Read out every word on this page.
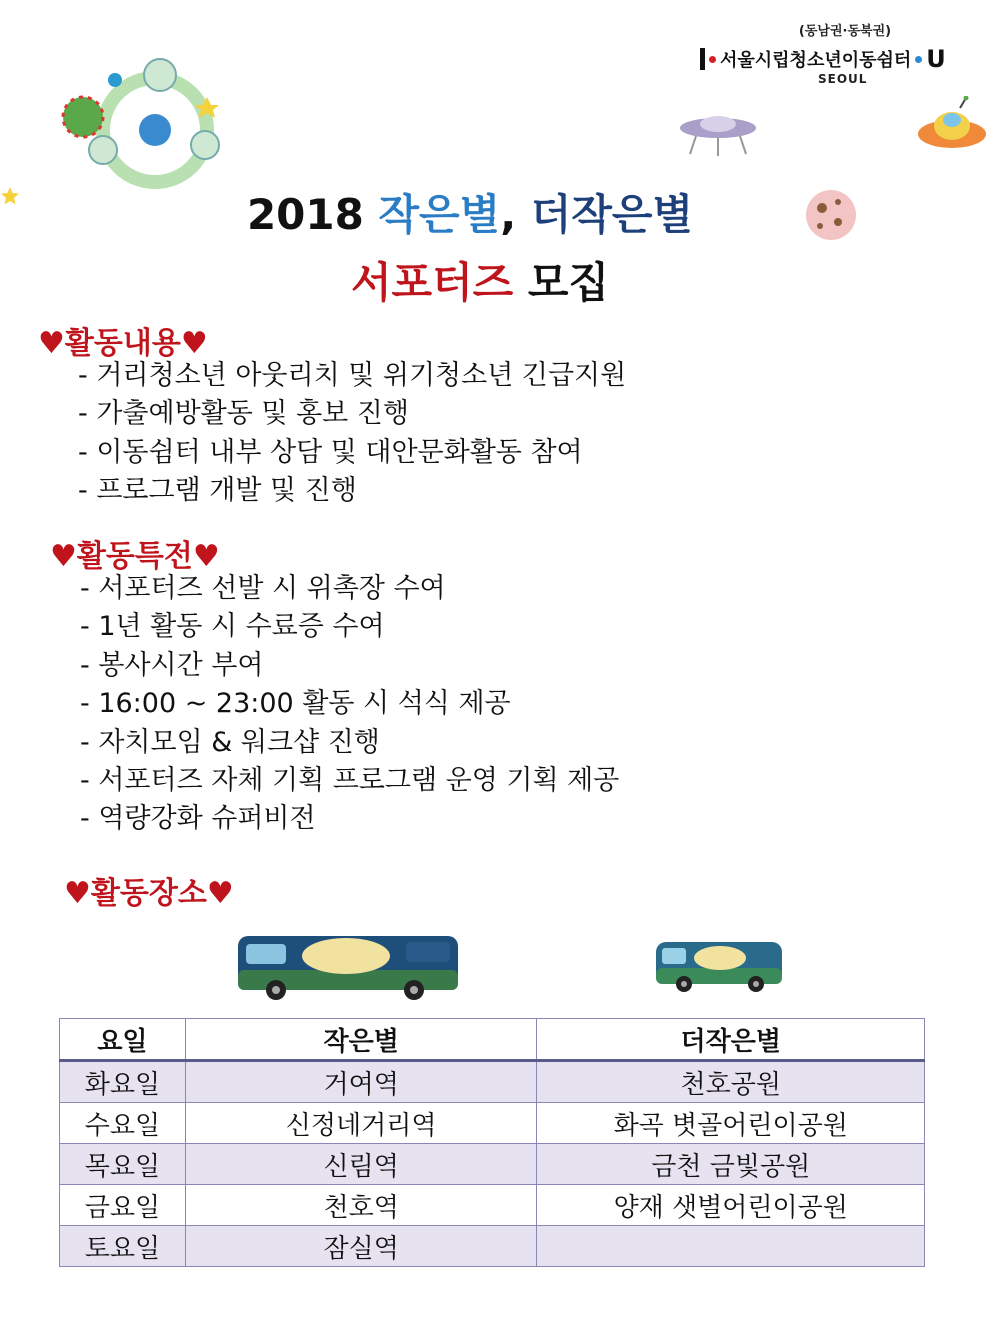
(동남권·동북권)
서울시립청소년이동쉼터 U
SEOUL
2018 작은별, 더작은별
서포터즈 모집
♥활동내용♥
- 거리청소년 아웃리치 및 위기청소년 긴급지원
- 가출예방활동 및 홍보 진행
- 이동쉼터 내부 상담 및 대안문화활동 참여
- 프로그램 개발 및 진행
♥활동특전♥
- 서포터즈 선발 시 위촉장 수여
- 1년 활동 시 수료증 수여
- 봉사시간 부여
- 16:00 ~ 23:00 활동 시 석식 제공
- 자치모임 & 워크샵 진행
- 서포터즈 자체 기획 프로그램 운영 기획 제공
- 역량강화 슈퍼비전
♥활동장소♥
요일	작은별	더작은별
화요일	거여역	천호공원
수요일	신정네거리역	화곡 볏골어린이공원
목요일	신림역	금천 금빛공원
금요일	천호역	양재 샛별어린이공원
토요일	잠실역	
